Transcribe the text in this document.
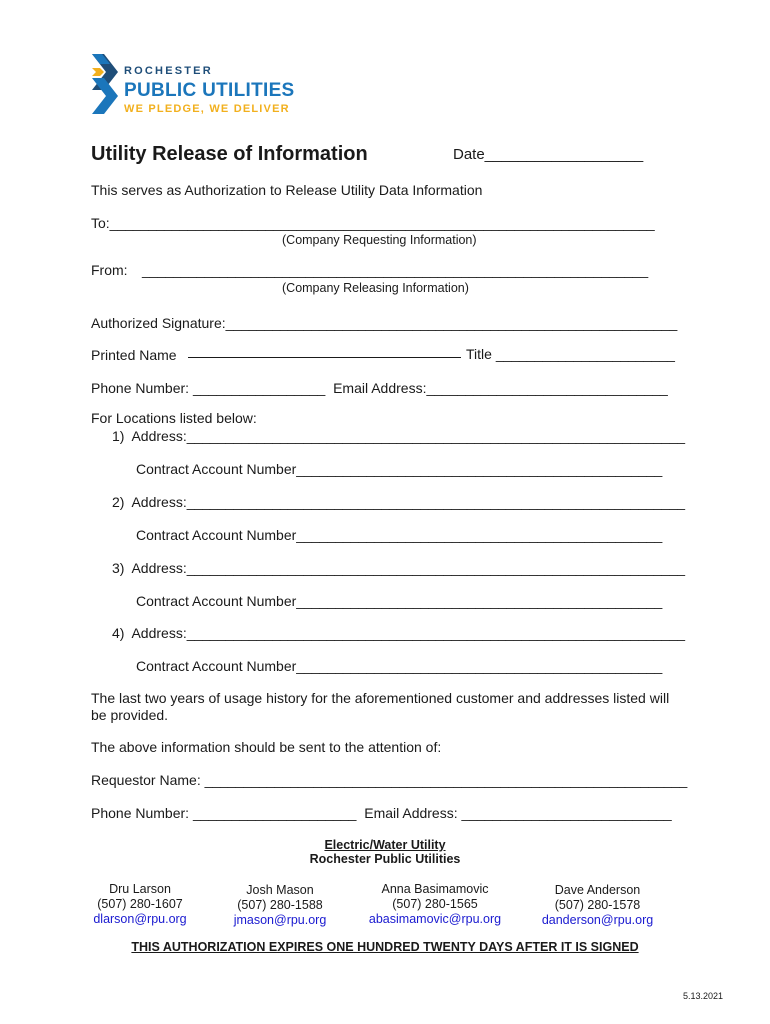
ROCHESTER
PUBLIC UTILITIES
WE PLEDGE, WE DELIVER
Utility Release of Information	Date___________________
This serves as Authorization to Release Utility Data Information
To:______________________________________________________________________
(Company Requesting Information)
From: _________________________________________________________________
(Company Releasing Information)
Authorized Signature:__________________________________________________________
Printed Name	Title _______________________
Phone Number: _________________  Email Address:_______________________________
For Locations listed below:
1)  Address:________________________________________________________________
Contract Account Number_______________________________________________
2)  Address:________________________________________________________________
Contract Account Number_______________________________________________
3)  Address:________________________________________________________________
Contract Account Number_______________________________________________
4)  Address:________________________________________________________________
Contract Account Number_______________________________________________
The last two years of usage history for the aforementioned customer and addresses listed will
be provided.
The above information should be sent to the attention of:
Requestor Name: ______________________________________________________________
Phone Number: _____________________  Email Address: ___________________________
Electric/Water Utility
Rochester Public Utilities
Dru Larson
(507) 280-1607
dlarson@rpu.org
Josh Mason
(507) 280-1588
jmason@rpu.org
Anna Basimamovic
(507) 280-1565
abasimamovic@rpu.org
Dave Anderson
(507) 280-1578
danderson@rpu.org
THIS AUTHORIZATION EXPIRES ONE HUNDRED TWENTY DAYS AFTER IT IS SIGNED
5.13.2021
